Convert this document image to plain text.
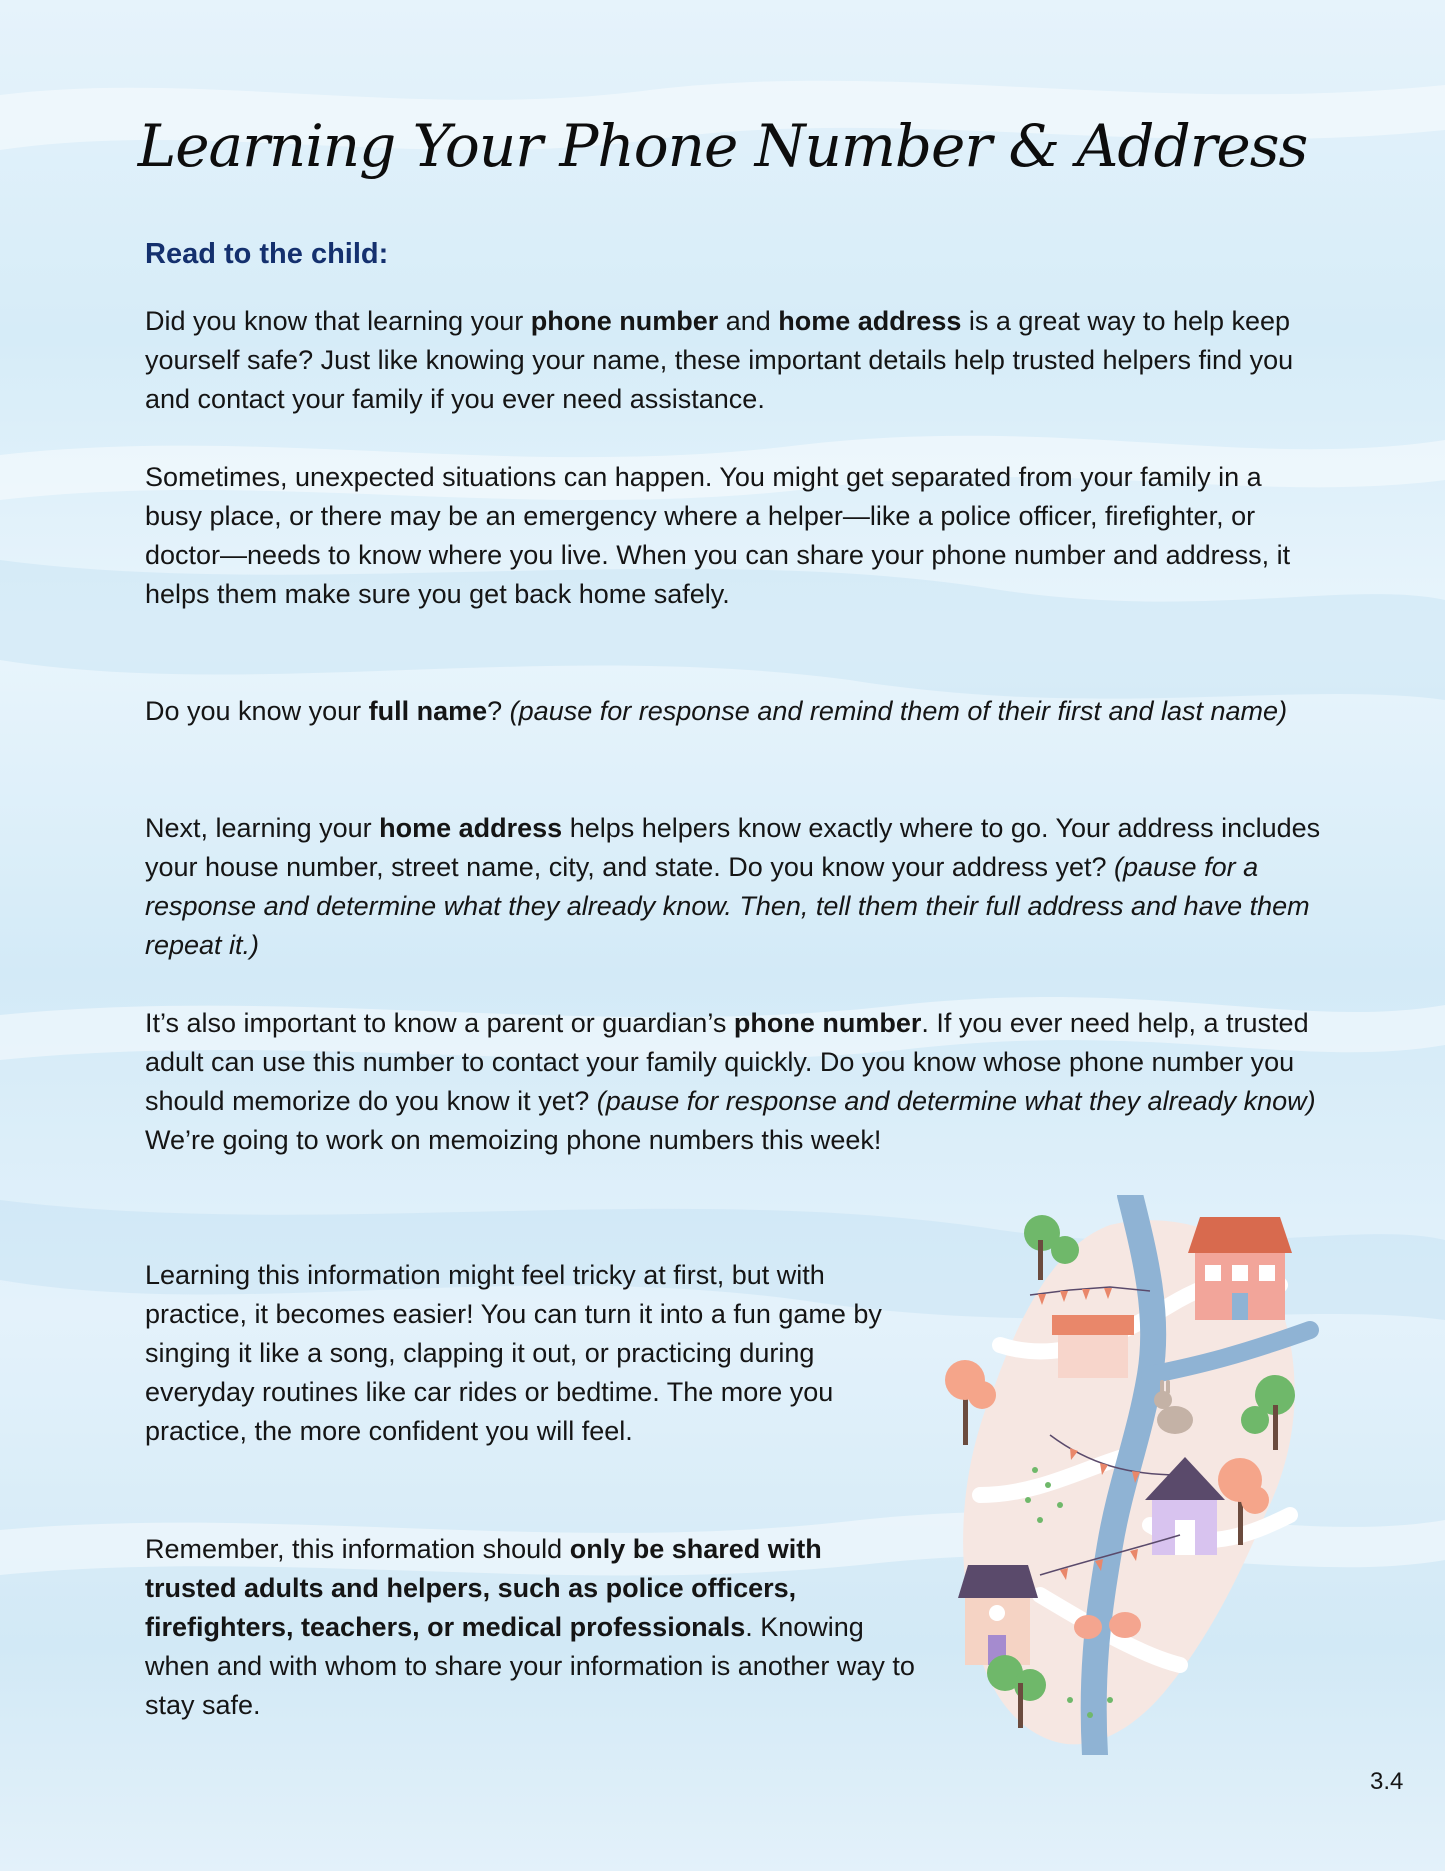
Learning Your Phone Number & Address

Read to the child:

Did you know that learning your phone number and home address is a great way to help keep yourself safe? Just like knowing your name, these important details help trusted helpers find you and contact your family if you ever need assistance.

Sometimes, unexpected situations can happen. You might get separated from your family in a busy place, or there may be an emergency where a helper—like a police officer, firefighter, or doctor—needs to know where you live. When you can share your phone number and address, it helps them make sure you get back home safely.

Do you know your full name? (pause for response and remind them of their first and last name)

Next, learning your home address helps helpers know exactly where to go. Your address includes your house number, street name, city, and state. Do you know your address yet? (pause for a response and determine what they already know. Then, tell them their full address and have them repeat it.)

It’s also important to know a parent or guardian’s phone number. If you ever need help, a trusted adult can use this number to contact your family quickly. Do you know whose phone number you should memorize do you know it yet? (pause for response and determine what they already know) We’re going to work on memoizing phone numbers this week!

Learning this information might feel tricky at first, but with practice, it becomes easier! You can turn it into a fun game by singing it like a song, clapping it out, or practicing during everyday routines like car rides or bedtime. The more you practice, the more confident you will feel.

Remember, this information should only be shared with trusted adults and helpers, such as police officers, firefighters, teachers, or medical professionals. Knowing when and with whom to share your information is another way to stay safe.

3.4
